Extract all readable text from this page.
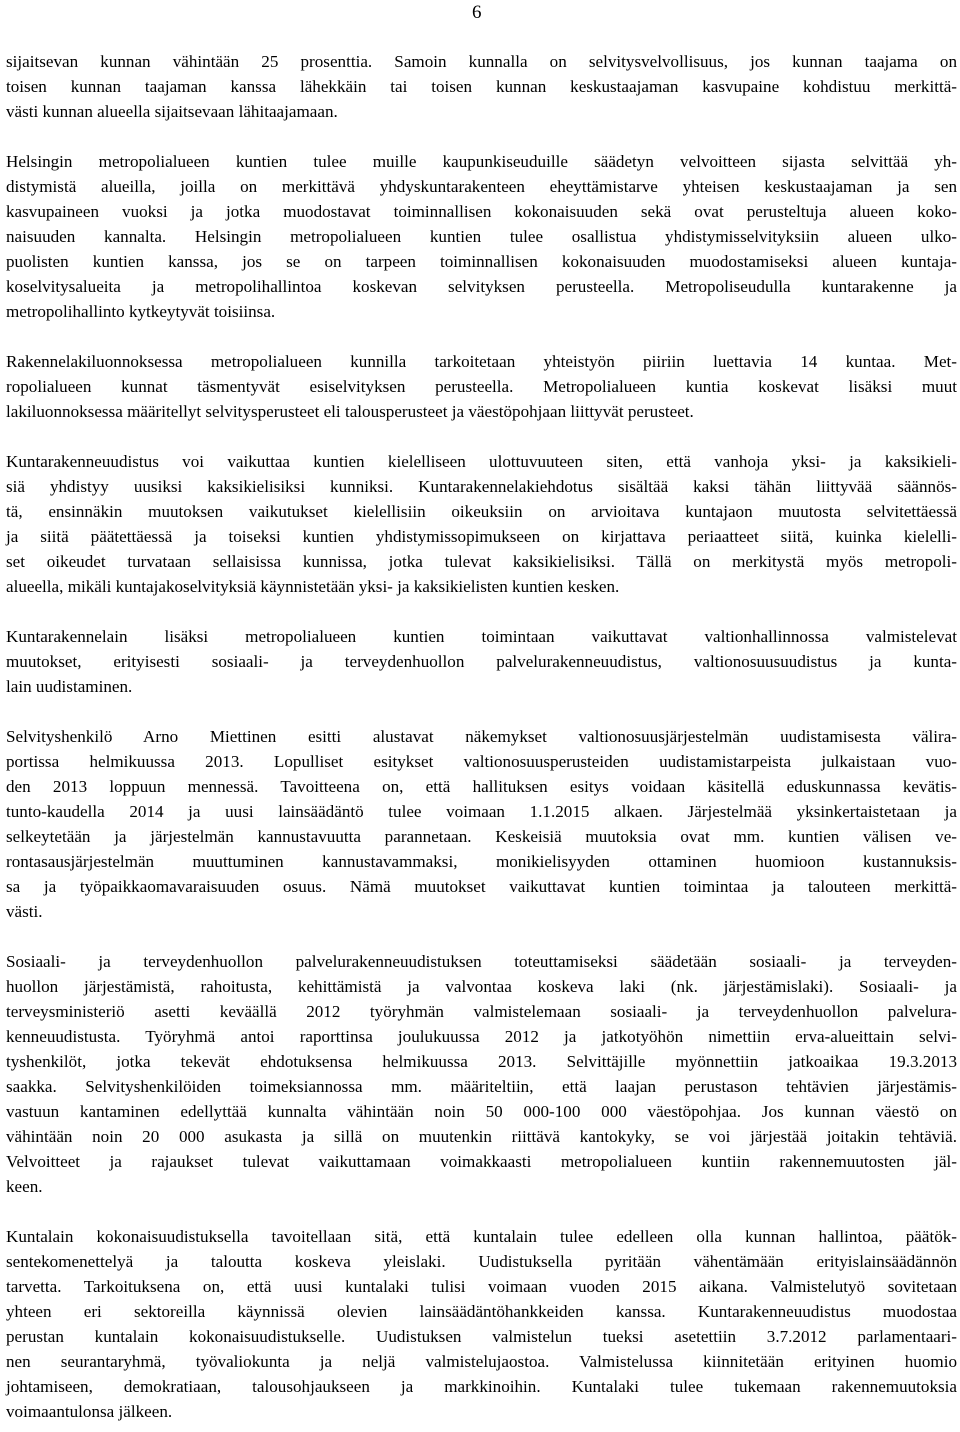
6

sijaitsevan kunnan vähintään 25 prosenttia. Samoin kunnalla on selvitysvelvollisuus, jos kunnan taajama on
toisen kunnan taajaman kanssa lähekkäin tai toisen kunnan keskustaajaman kasvupaine kohdistuu merkittä-
västi kunnan alueella sijaitsevaan lähitaajamaan.
Helsingin metropolialueen kuntien tulee muille kaupunkiseuduille säädetyn velvoitteen sijasta selvittää yh-
distymistä alueilla, joilla on merkittävä yhdyskuntarakenteen eheyttämistarve yhteisen keskustaajaman ja sen
kasvupaineen vuoksi ja jotka muodostavat toiminnallisen kokonaisuuden sekä ovat perusteltuja alueen koko-
naisuuden kannalta. Helsingin metropolialueen kuntien tulee osallistua yhdistymisselvityksiin alueen ulko-
puolisten kuntien kanssa, jos se on tarpeen toiminnallisen kokonaisuuden muodostamiseksi alueen kuntaja-
koselvitysalueita ja metropolihallintoa koskevan selvityksen perusteella. Metropoliseudulla kuntarakenne ja
metropolihallinto kytkeytyvät toisiinsa.
Rakennelakiluonnoksessa metropolialueen kunnilla tarkoitetaan yhteistyön piiriin luettavia 14 kuntaa. Met-
ropolialueen kunnat täsmentyvät esiselvityksen perusteella. Metropolialueen kuntia koskevat lisäksi muut
lakiluonnoksessa määritellyt selvitysperusteet eli talousperusteet ja väestöpohjaan liittyvät perusteet.
Kuntarakenneuudistus voi vaikuttaa kuntien kielelliseen ulottuvuuteen siten, että vanhoja yksi- ja kaksikieli-
siä yhdistyy uusiksi kaksikielisiksi kunniksi. Kuntarakennelakiehdotus sisältää kaksi tähän liittyvää säännös-
tä, ensinnäkin muutoksen vaikutukset kielellisiin oikeuksiin on arvioitava kuntajaon muutosta selvitettäessä
ja siitä päätettäessä ja toiseksi kuntien yhdistymissopimukseen on kirjattava periaatteet siitä, kuinka kielelli-
set oikeudet turvataan sellaisissa kunnissa, jotka tulevat kaksikielisiksi. Tällä on merkitystä myös metropoli-
alueella, mikäli kuntajakoselvityksiä käynnistetään yksi- ja kaksikielisten kuntien kesken.
Kuntarakennelain lisäksi metropolialueen kuntien toimintaan vaikuttavat valtionhallinnossa valmistelevat
muutokset, erityisesti sosiaali- ja terveydenhuollon palvelurakenneuudistus, valtionosuusuudistus ja kunta-
lain uudistaminen.
Selvityshenkilö Arno Miettinen esitti alustavat näkemykset valtionosuusjärjestelmän uudistamisesta välira-
portissa helmikuussa 2013. Lopulliset esitykset valtionosuusperusteiden uudistamistarpeista julkaistaan vuo-
den 2013 loppuun mennessä. Tavoitteena on, että hallituksen esitys voidaan käsitellä eduskunnassa kevätis-
tunto-kaudella 2014 ja uusi lainsäädäntö tulee voimaan 1.1.2015 alkaen. Järjestelmää yksinkertaistetaan ja
selkeytetään ja järjestelmän kannustavuutta parannetaan. Keskeisiä muutoksia ovat mm. kuntien välisen ve-
rontasausjärjestelmän muuttuminen kannustavammaksi, monikielisyyden ottaminen huomioon kustannuksis-
sa ja työpaikkaomavaraisuuden osuus. Nämä muutokset vaikuttavat kuntien toimintaa ja talouteen merkittä-
västi.
Sosiaali- ja terveydenhuollon palvelurakenneuudistuksen toteuttamiseksi säädetään sosiaali- ja terveyden-
huollon järjestämistä, rahoitusta, kehittämistä ja valvontaa koskeva laki (nk. järjestämislaki). Sosiaali- ja
terveysministeriö asetti keväällä 2012 työryhmän valmistelemaan sosiaali- ja terveydenhuollon palvelura-
kenneuudistusta. Työryhmä antoi raporttinsa joulukuussa 2012 ja jatkotyöhön nimettiin erva-alueittain selvi-
tyshenkilöt, jotka tekevät ehdotuksensa helmikuussa 2013. Selvittäjille myönnettiin jatkoaikaa 19.3.2013
saakka. Selvityshenkilöiden toimeksiannossa mm. määriteltiin, että laajan perustason tehtävien järjestämis-
vastuun kantaminen edellyttää kunnalta vähintään noin 50 000-100 000 väestöpohjaa. Jos kunnan väestö on
vähintään noin 20 000 asukasta ja sillä on muutenkin riittävä kantokyky, se voi järjestää joitakin tehtäviä.
Velvoitteet ja rajaukset tulevat vaikuttamaan voimakkaasti metropolialueen kuntiin rakennemuutosten jäl-
keen.
Kuntalain kokonaisuudistuksella tavoitellaan sitä, että kuntalain tulee edelleen olla kunnan hallintoa, päätök-
sentekomenettelyä ja taloutta koskeva yleislaki. Uudistuksella pyritään vähentämään erityislainsäädännön
tarvetta. Tarkoituksena on, että uusi kuntalaki tulisi voimaan vuoden 2015 aikana. Valmistelutyö sovitetaan
yhteen eri sektoreilla käynnissä olevien lainsäädäntöhankkeiden kanssa. Kuntarakenneuudistus muodostaa
perustan kuntalain kokonaisuudistukselle. Uudistuksen valmistelun tueksi asetettiin 3.7.2012 parlamentaari-
nen seurantaryhmä, työvaliokunta ja neljä valmistelujaostoa. Valmistelussa kiinnitetään erityinen huomio
johtamiseen, demokratiaan, talousohjaukseen ja markkinoihin. Kuntalaki tulee tukemaan rakennemuutoksia
voimaantulonsa jälkeen.
